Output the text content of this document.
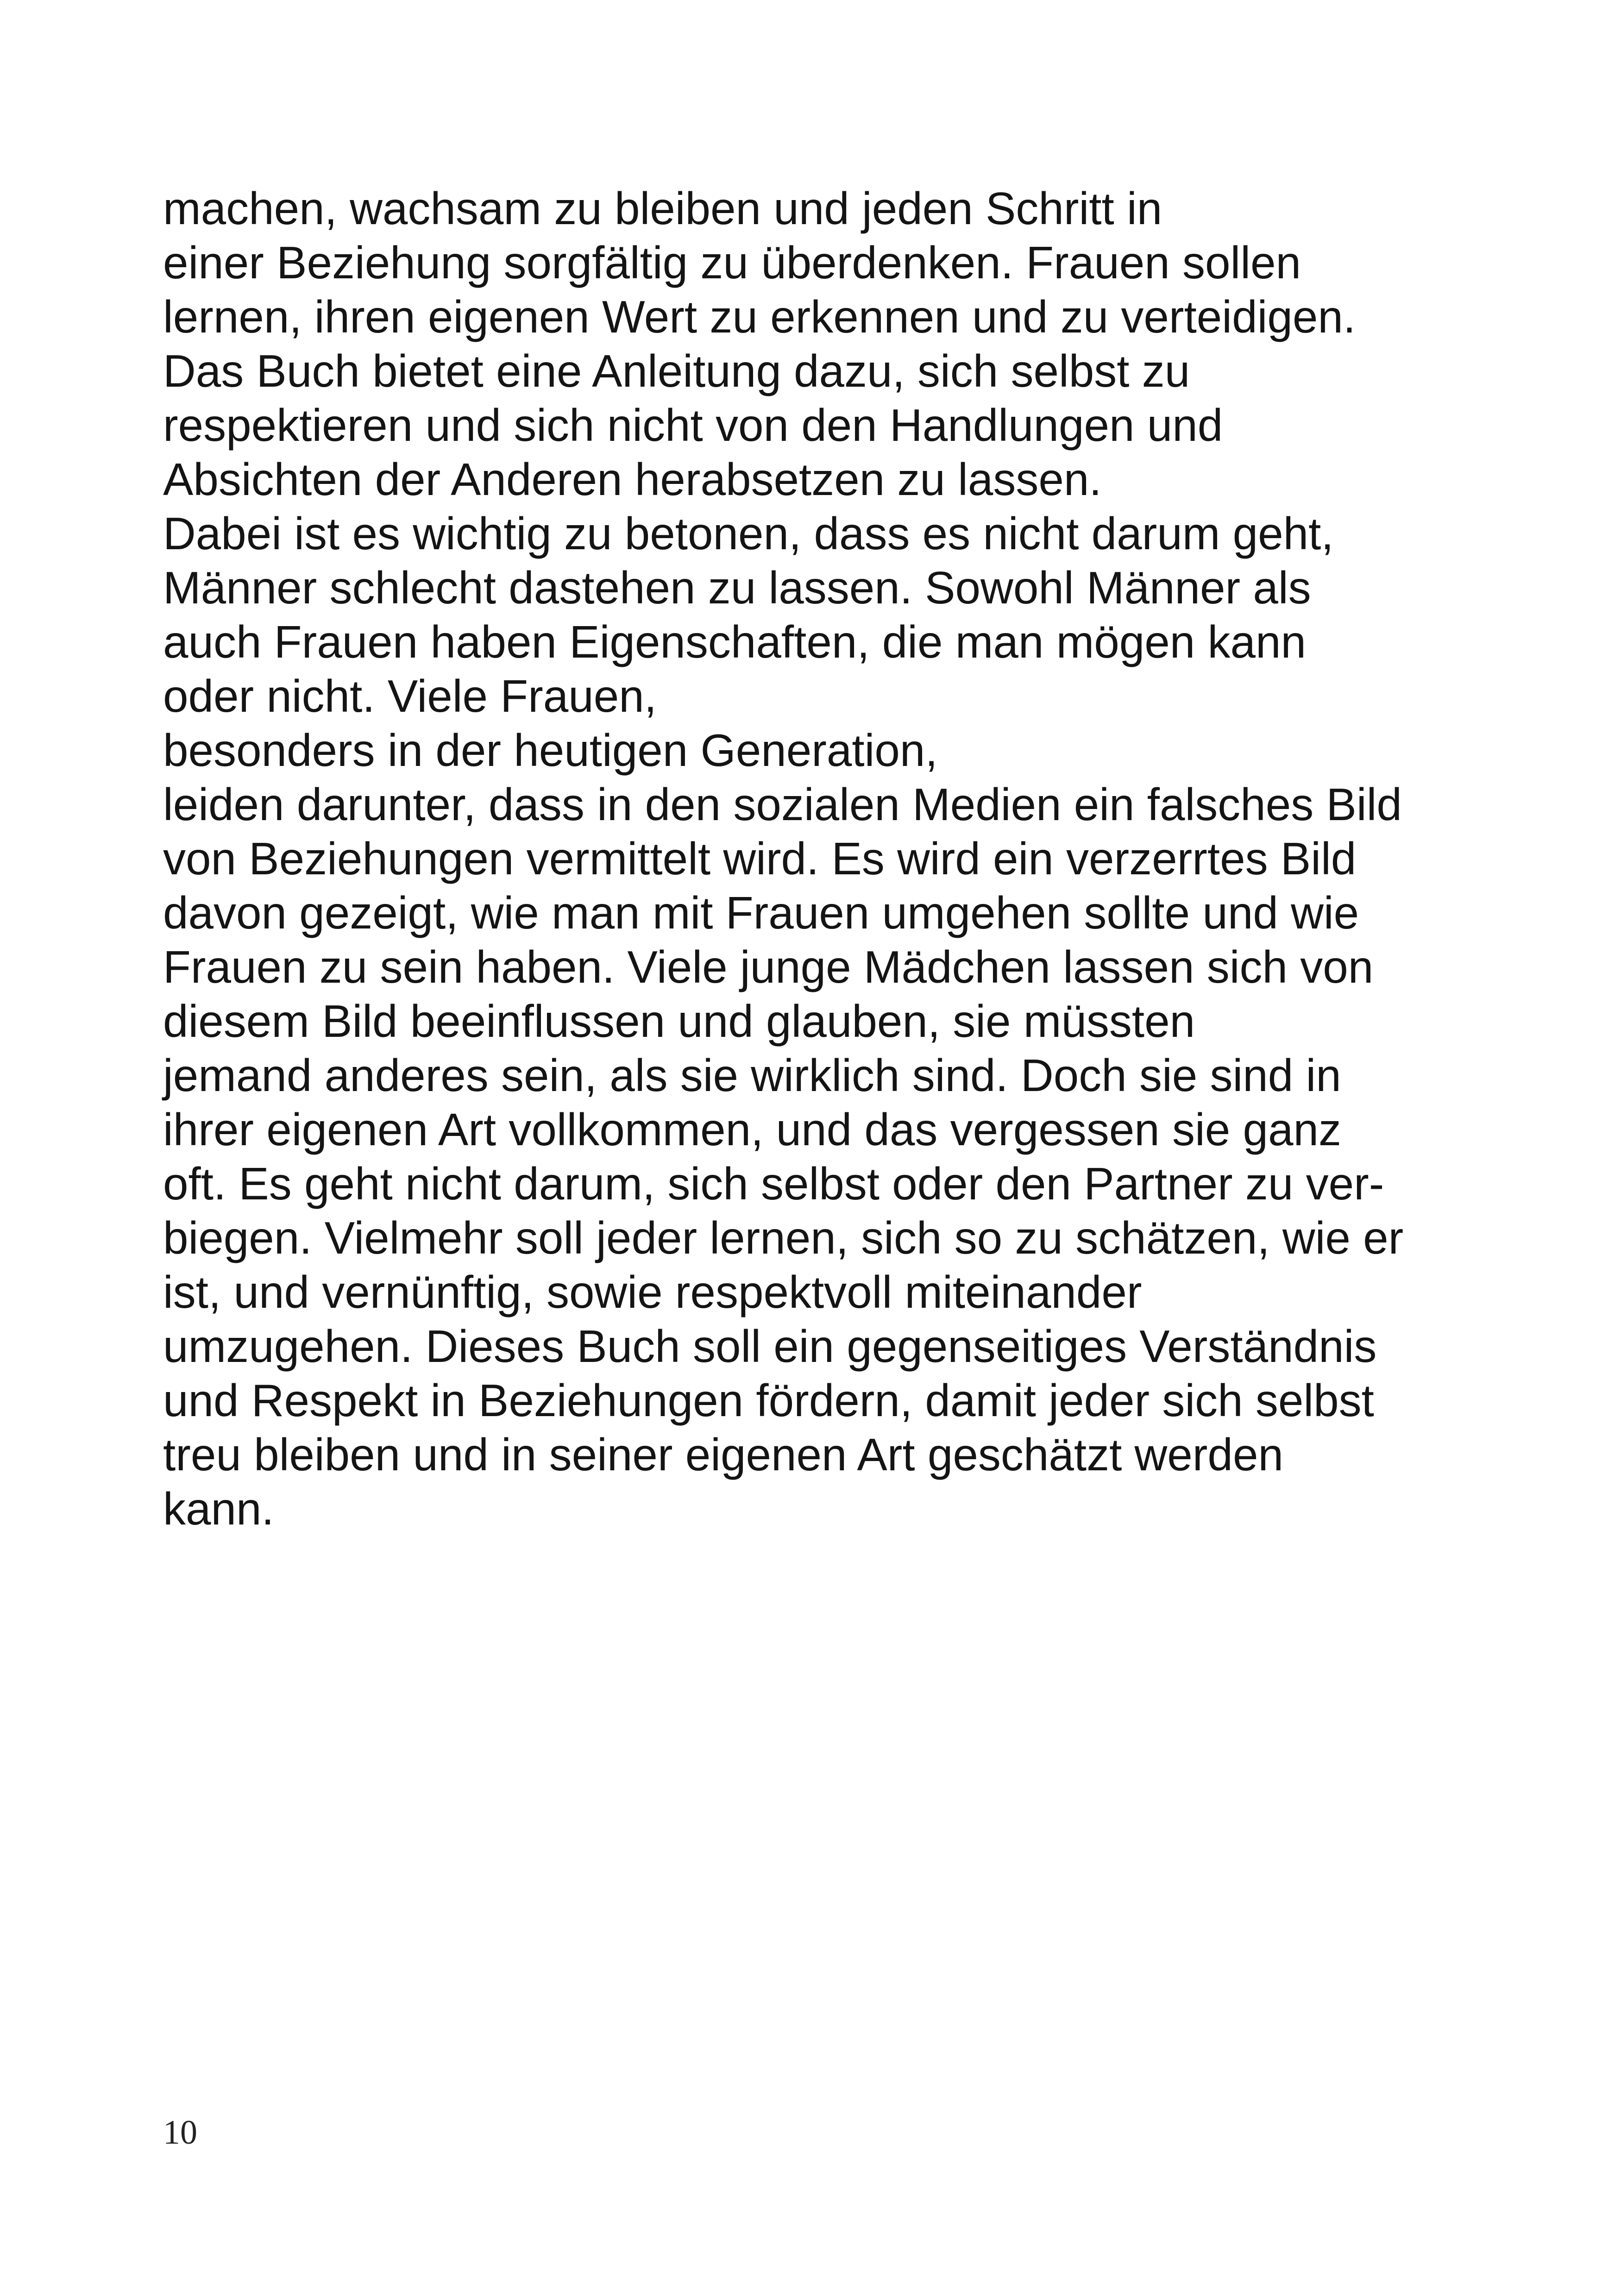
machen, wachsam zu bleiben und jeden Schritt in
einer Beziehung sorgfältig zu überdenken. Frauen sollen
lernen, ihren eigenen Wert zu erkennen und zu verteidigen.
Das Buch bietet eine Anleitung dazu, sich selbst zu
respektieren und sich nicht von den Handlungen und
Absichten der Anderen herabsetzen zu lassen.
Dabei ist es wichtig zu betonen, dass es nicht darum geht,
Männer schlecht dastehen zu lassen. Sowohl Männer als
auch Frauen haben Eigenschaften, die man mögen kann
oder nicht. Viele Frauen,
besonders in der heutigen Generation,
leiden darunter, dass in den sozialen Medien ein falsches Bild
von Beziehungen vermittelt wird. Es wird ein verzerrtes Bild
davon gezeigt, wie man mit Frauen umgehen sollte und wie
Frauen zu sein haben. Viele junge Mädchen lassen sich von
diesem Bild beeinflussen und glauben, sie müssten
jemand anderes sein, als sie wirklich sind. Doch sie sind in
ihrer eigenen Art vollkommen, und das vergessen sie ganz
oft. Es geht nicht darum, sich selbst oder den Partner zu ver-
biegen. Vielmehr soll jeder lernen, sich so zu schätzen, wie er
ist, und vernünftig, sowie respektvoll miteinander
umzugehen. Dieses Buch soll ein gegenseitiges Verständnis
und Respekt in Beziehungen fördern, damit jeder sich selbst
treu bleiben und in seiner eigenen Art geschätzt werden
kann.

10
